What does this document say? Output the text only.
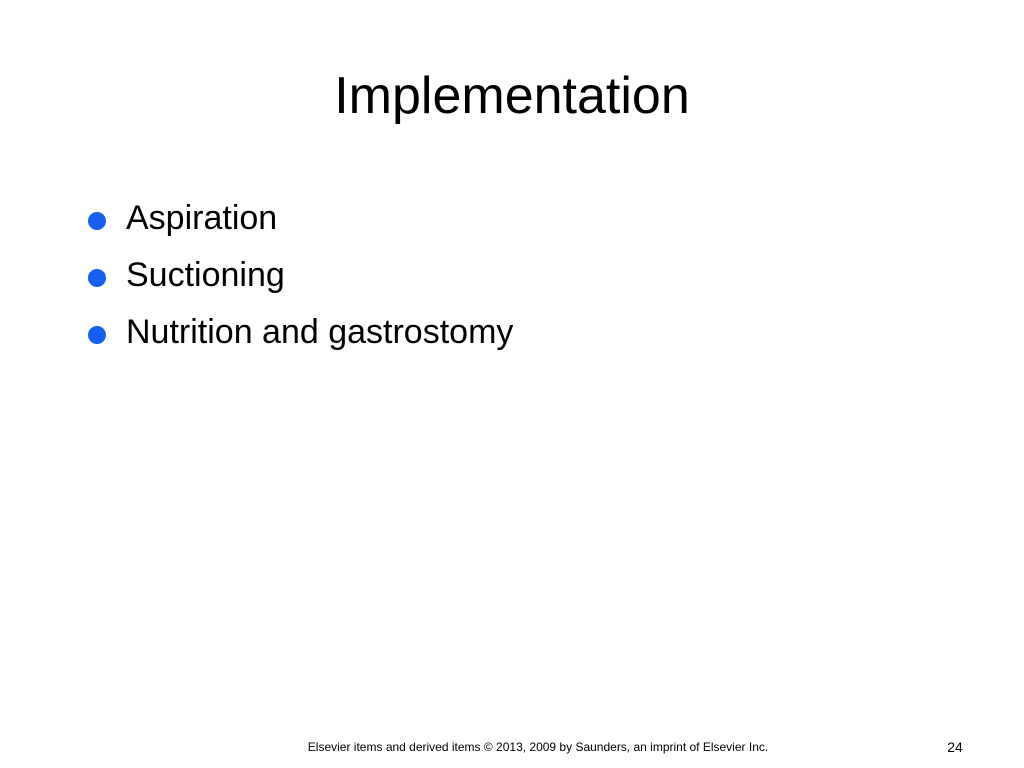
Implementation
Aspiration
Suctioning
Nutrition and gastrostomy
Elsevier items and derived items © 2013, 2009 by Saunders, an imprint of Elsevier Inc.	24
